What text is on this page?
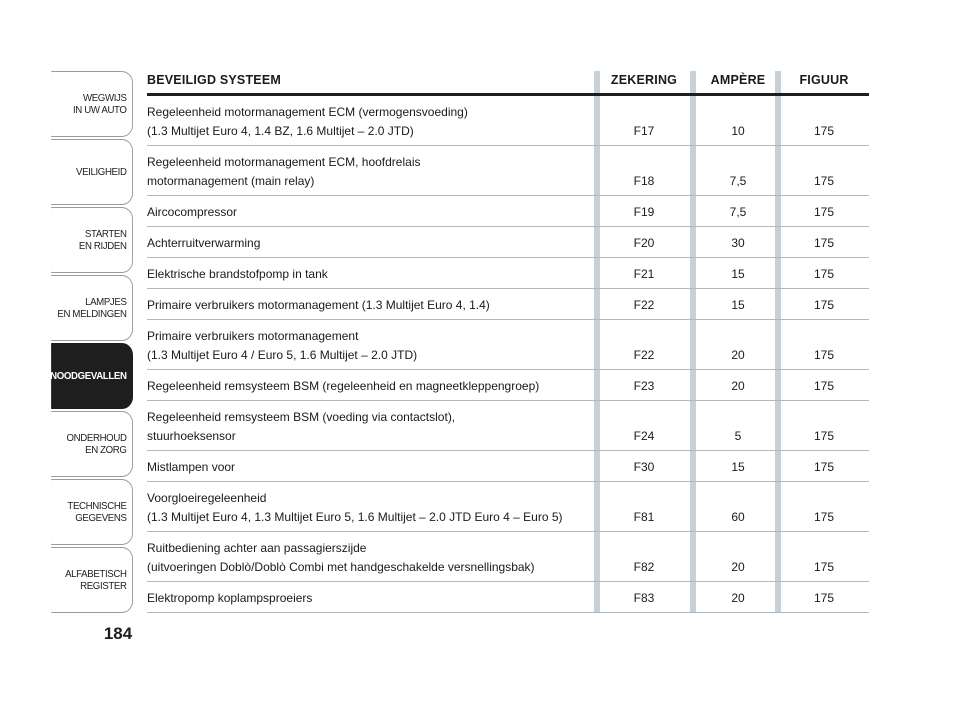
WEGWIJS
IN UW AUTO
VEILIGHEID
STARTEN
EN RIJDEN
LAMPJES
EN MELDINGEN
NOODGEVALLEN
ONDERHOUD
EN ZORG
TECHNISCHE
GEGEVENS
ALFABETISCH
REGISTER
184
BEVEILIGD SYSTEEM	ZEKERING	AMPÈRE	FIGUUR
Regeleenheid motormanagement ECM (vermogensvoeding)
(1.3 Multijet Euro 4, 1.4 BZ, 1.6 Multijet – 2.0 JTD)	F17	10	175
Regeleenheid motormanagement ECM, hoofdrelais
motormanagement (main relay)	F18	7,5	175
Aircocompressor	F19	7,5	175
Achterruitverwarming	F20	30	175
Elektrische brandstofpomp in tank	F21	15	175
Primaire verbruikers motormanagement (1.3 Multijet Euro 4, 1.4)	F22	15	175
Primaire verbruikers motormanagement
(1.3 Multijet Euro 4 / Euro 5, 1.6 Multijet – 2.0 JTD)	F22	20	175
Regeleenheid remsysteem BSM (regeleenheid en magneetkleppengroep)	F23	20	175
Regeleenheid remsysteem BSM (voeding via contactslot),
stuurhoeksensor	F24	5	175
Mistlampen voor	F30	15	175
Voorgloeiregeleenheid
(1.3 Multijet Euro 4, 1.3 Multijet Euro 5, 1.6 Multijet – 2.0 JTD Euro 4 – Euro 5)	F81	60	175
Ruitbediening achter aan passagierszijde
(uitvoeringen Doblò/Doblò Combi met handgeschakelde versnellingsbak)	F82	20	175
Elektropomp koplampsproeiers	F83	20	175
